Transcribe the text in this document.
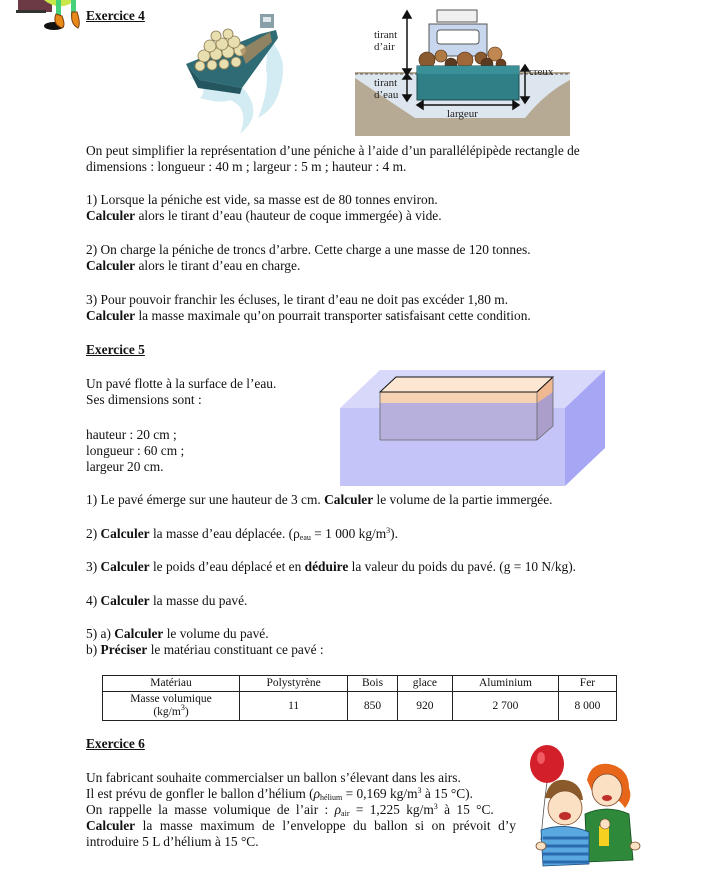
Exercice 4
tirant
d’air
tirant
d’eau
creux
largeur
On peut simplifier la représentation d’une péniche à l’aide d’un parallélépipède rectangle de
dimensions : longueur : 40 m ; largeur : 5 m ; hauteur : 4 m.
1) Lorsque la péniche est vide, sa masse est de 80 tonnes environ.
Calculer alors le tirant d’eau (hauteur de coque immergée) à vide.
2) On charge la péniche de troncs d’arbre. Cette charge a une masse de 120 tonnes.
Calculer alors le tirant d’eau en charge.
3) Pour pouvoir franchir les écluses, le tirant d’eau ne doit pas excéder 1,80 m.
Calculer la masse maximale qu’on pourrait transporter satisfaisant cette condition.
Exercice 5
Un pavé flotte à la surface de l’eau.
Ses dimensions sont :
hauteur : 20 cm ;
longueur : 60 cm ;
largeur 20 cm.
1) Le pavé émerge sur une hauteur de 3 cm. Calculer le volume de la partie immergée.
2) Calculer la masse d’eau déplacée. ($\rho_{eau} = 1$ 000 $kg/m^3$).
3) Calculer le poids d’eau déplacé et en déduire la valeur du poids du pavé. (g = 10 N/kg).
4) Calculer la masse du pavé.
5) a) Calculer le volume du pavé.
b) Préciser le matériau constituant ce pavé :
Matériau	Polystyrène	Bois	glace	Aluminium	Fer

Masse volumique
$(kg/m^3)$	11	850	920	2 700	8 000
Exercice 6
Un fabricant souhaite commercialser un ballon s’élevant dans les airs.
Il est prévu de gonfler le ballon d’hélium ($\rho_{hélium} = 0,169$ $kg/m^3$ à 15 °C).
On rappelle la masse volumique de l’air : $\rho_{air} = 1,225$ $kg/m^3$ à 15 °C.
Calculer la masse maximum de l’enveloppe du ballon si on prévoit d’y introduire 5 L d’hélium à 15 °C.
